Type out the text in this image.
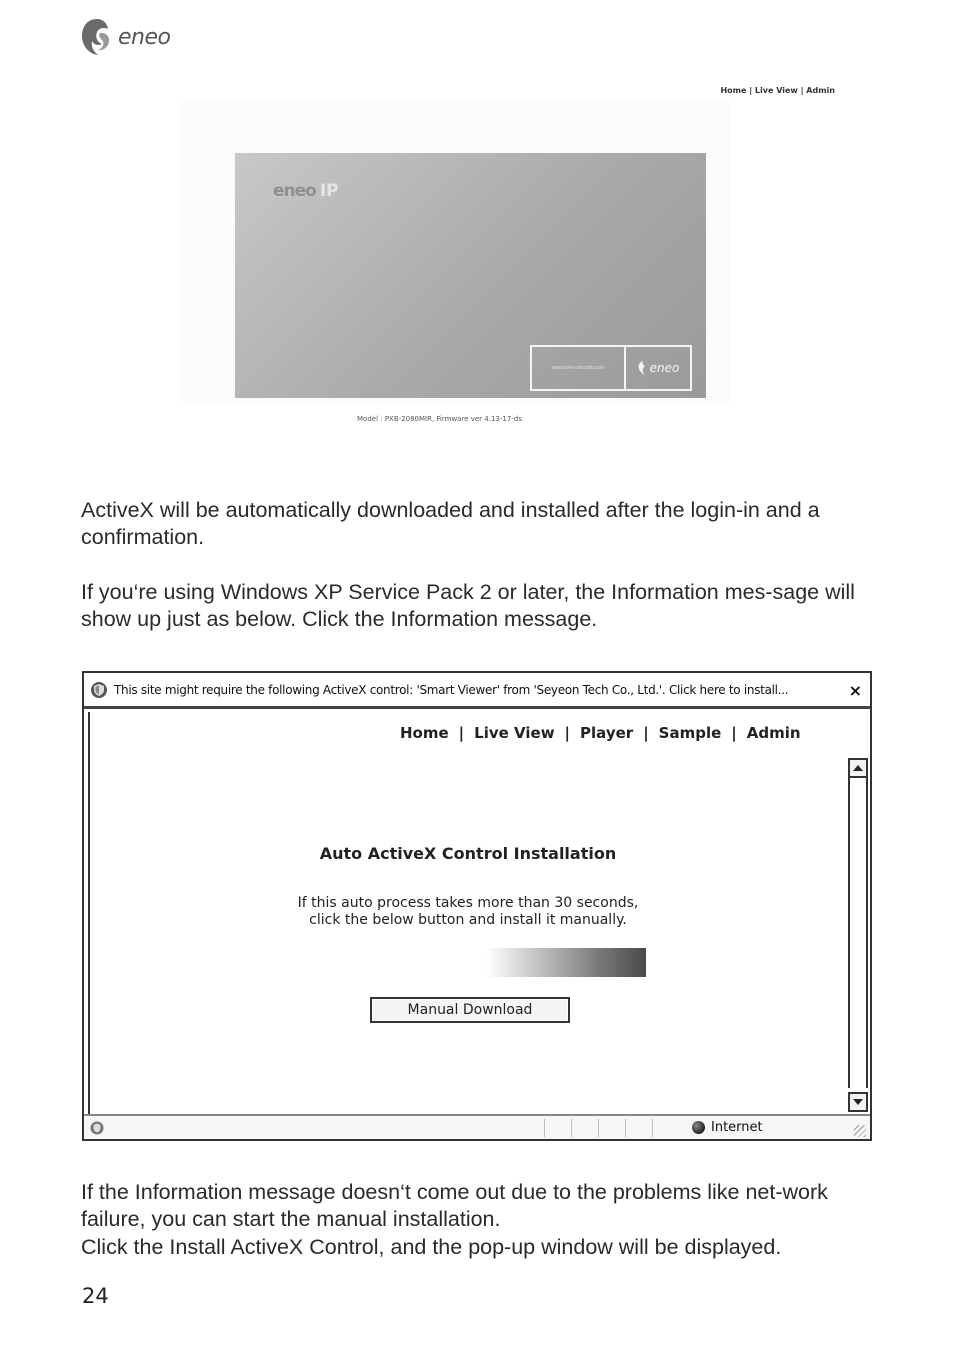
eneo
Home | Live View | Admin
eneo IP
www.eneo-security.com	eneo
Model : PXB-2080MIR, Firmware ver 4.13-17-ds

ActiveX will be automatically downloaded and installed after the login-in and a confirmation.

If you‘re using Windows XP Service Pack 2 or later, the Information mes-sage will show up just as below. Click the Information message.

This site might require the following ActiveX control: 'Smart Viewer' from 'Seyeon Tech Co., Ltd.'. Click here to install...	×
Home | Live View | Player | Sample | Admin
Auto ActiveX Control Installation
If this auto process takes more than 30 seconds,
click the below button and install it manually.
Manual Download
Internet

If the Information message doesn‘t come out due to the problems like net-work failure, you can start the manual installation.

Click the Install ActiveX Control, and the pop-up window will be displayed.

24
